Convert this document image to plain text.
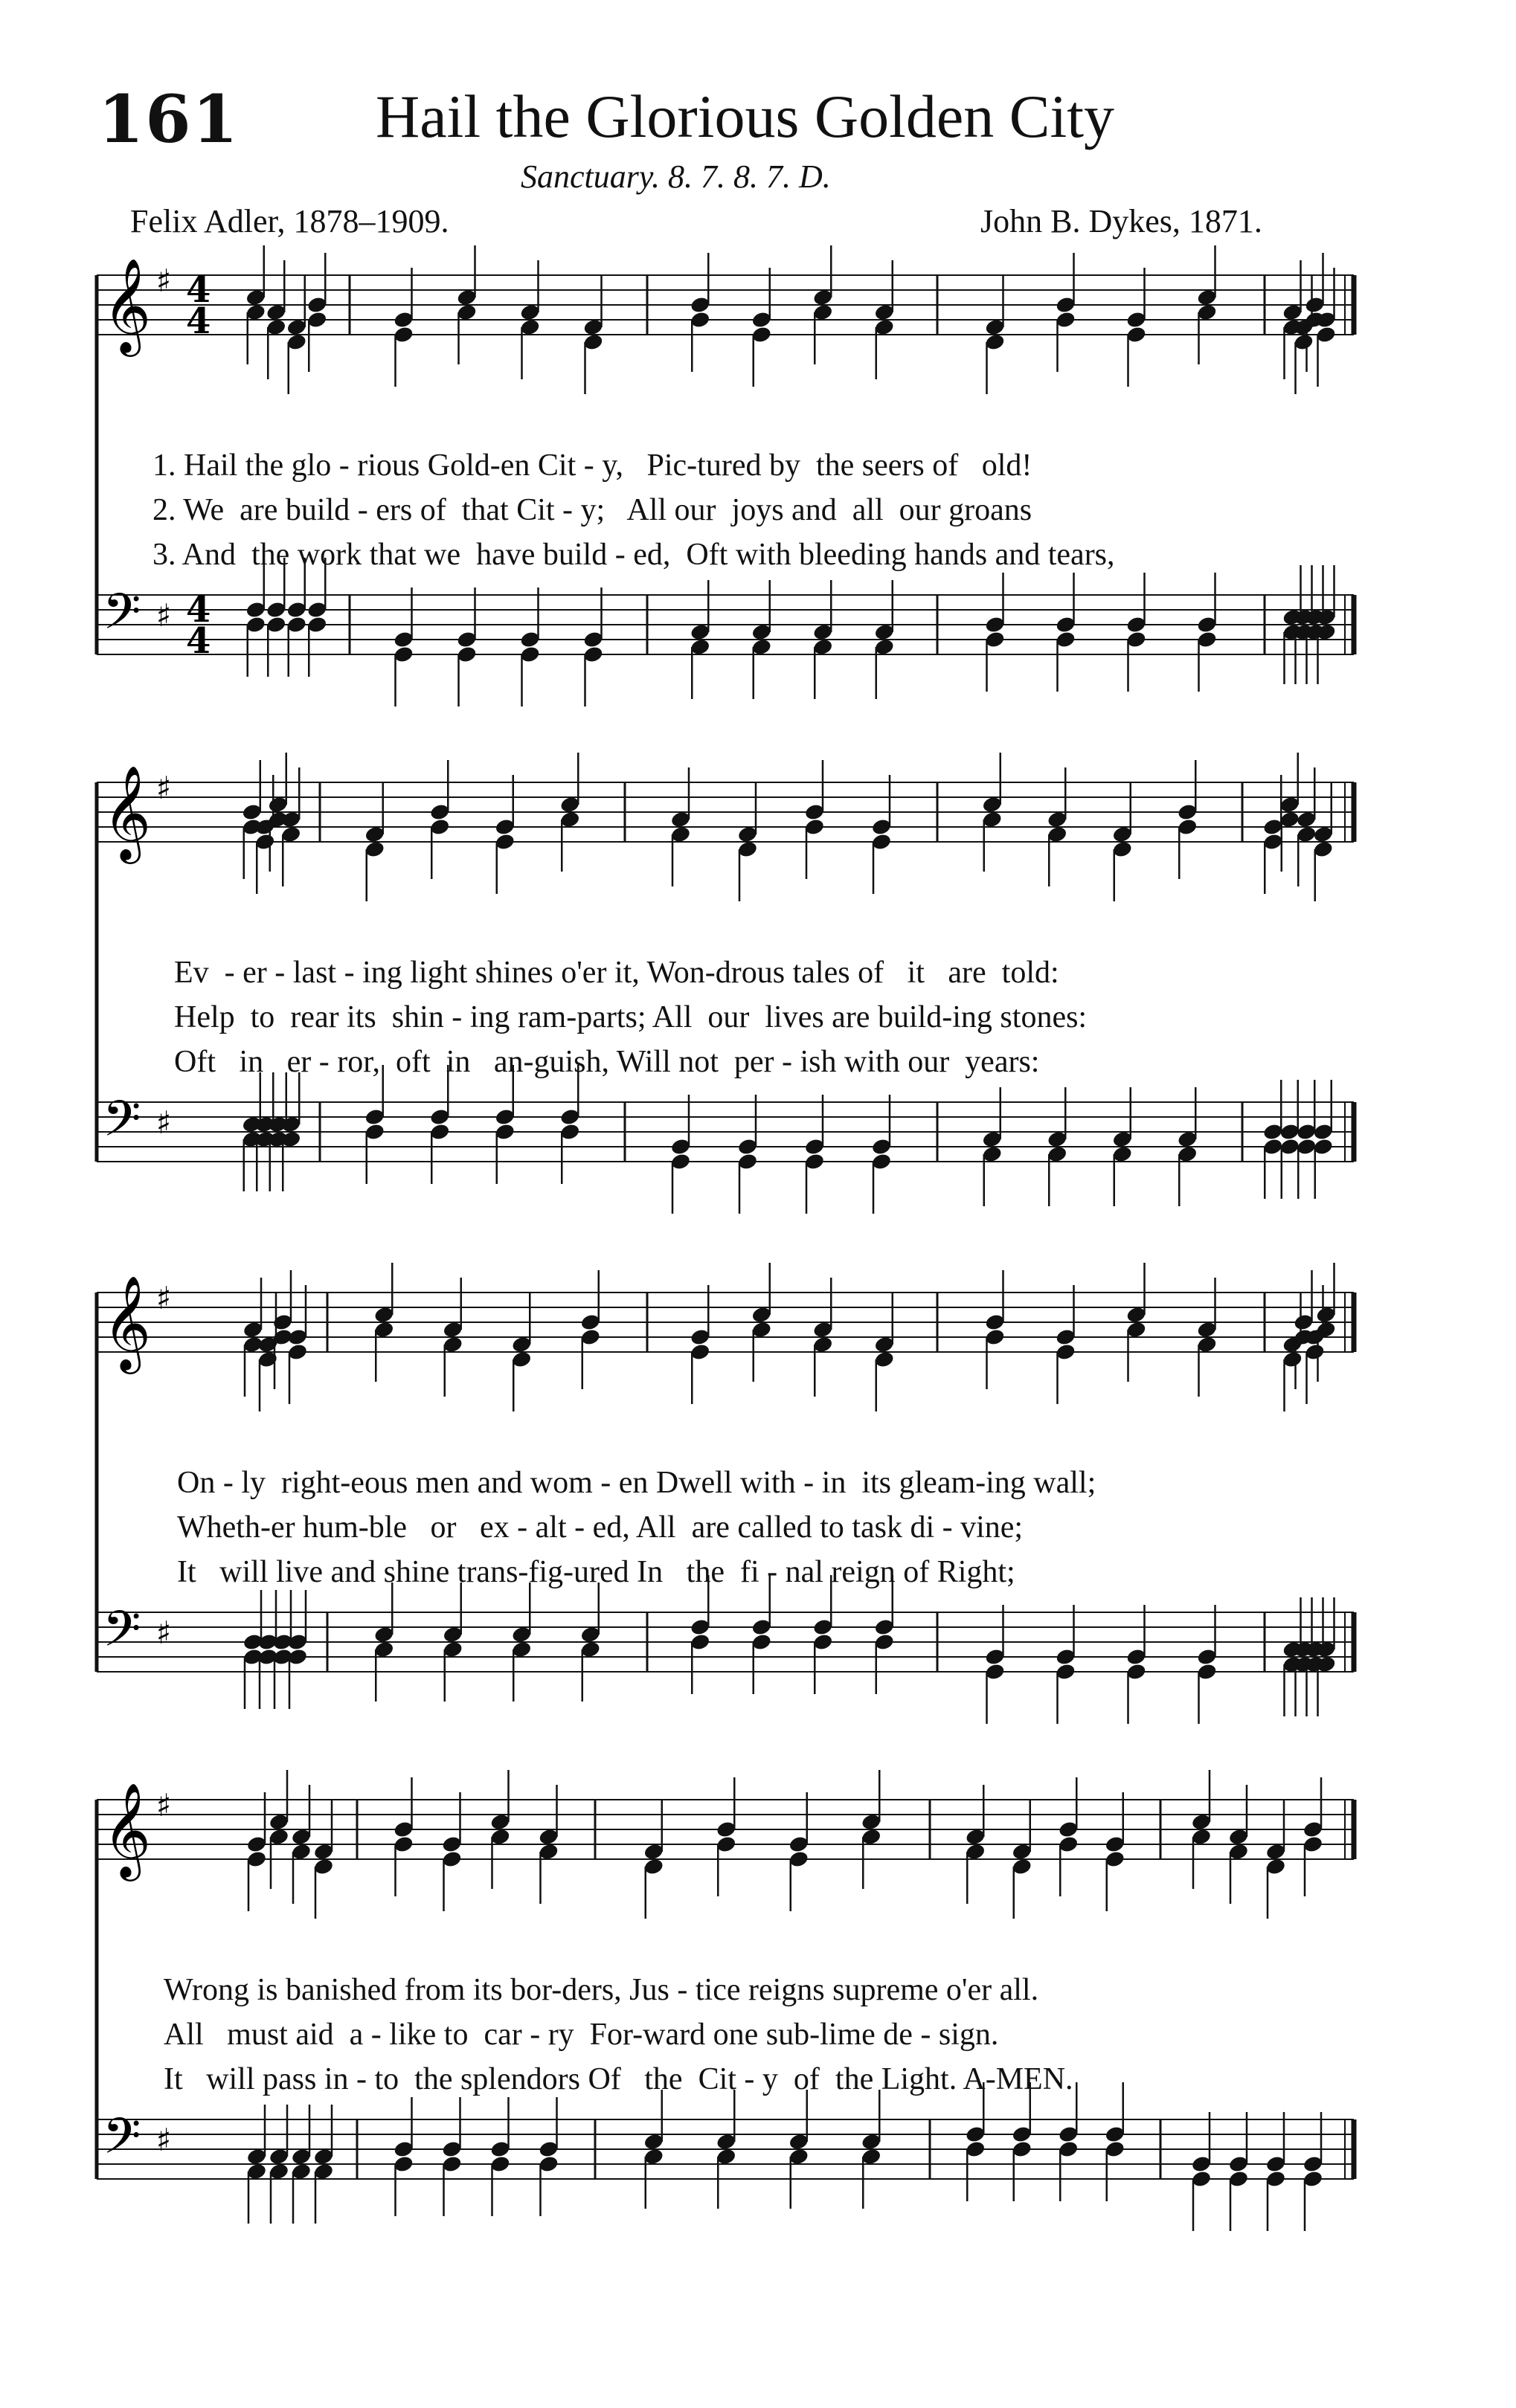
161 Hail the Glorious Golden City
Sanctuary. 8. 7. 8. 7. D.
Felix Adler, 1878–1909.	John B. Dykes, 1871.
𝄞 ♯
𝄢 ♯
𝄞 ♯
𝄢 ♯
𝄞 ♯
𝄢 ♯
𝄞 ♯
𝄢 ♯
4
4
4
4
1. Hail the glo - rious Gold-en Cit - y,   Pic-tured by  the seers of   old!
2. We  are build - ers of  that Cit - y;   All our  joys and  all  our groans
3. And  the work that we  have build - ed,  Oft with bleeding hands and tears,
Ev  - er - last - ing light shines o'er it, Won-drous tales of   it   are  told:
Help  to  rear its  shin - ing ram-parts; All  our  lives are build-ing stones:
Oft   in   er - ror,  oft  in   an-guish, Will not  per - ish with our  years:
On - ly  right-eous men and wom - en Dwell with - in  its gleam-ing wall;
Wheth-er hum-ble   or   ex - alt - ed, All  are called to task di - vine;
It   will live and shine trans-fig-ured In   the  fi - nal reign of Right;
Wrong is banished from its bor-ders, Jus - tice reigns supreme o'er all.
All   must aid  a - like to  car - ry  For-ward one sub-lime de - sign.
It   will pass in - to  the splendors Of   the  Cit - y  of  the Light. A-MEN.
